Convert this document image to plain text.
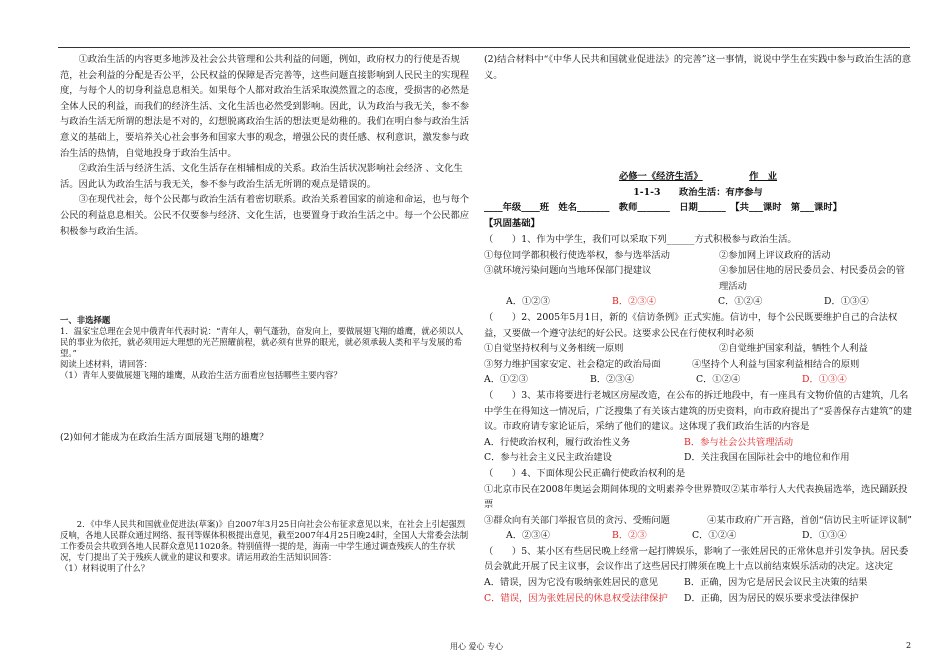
①政治生活的内容更多地涉及社会公共管理和公共利益的问题，例如，政府权力的行使是否规范，社会利益的分配是否公平，公民权益的保障是否完善等，这些问题直接影响到人民民主的实现程度，与每个人的切身利益息息相关。如果每个人都对政治生活采取漠然置之的态度，受损害的必然是全体人民的利益，而我们的经济生活、文化生活也必然受到影响。因此，认为政治与我无关，参不参与政治生活无所谓的想法是不对的，幻想脱离政治生活的想法更是幼稚的。我们在明白参与政治生活意义的基础上，要培养关心社会事务和国家大事的观念，增强公民的责任感、权利意识，激发参与政治生活的热情，自觉地投身于政治生活中。

②政治生活与经济生活、文化生活存在相辅相成的关系。政治生活状况影响社会经济 、文化生活。因此认为政治生活与我无关，参不参与政治生活无所谓的观点是错误的。

③在现代社会，每个公民都与政治生活有着密切联系。政治关系着国家的前途和命运，也与每个公民的利益息息相关。公民不仅要参与经济、文化生活，也要置身于政治生活之中。每一个公民都应积极参与政治生活。

一、非选择题

1．温家宝总理在会见中俄青年代表时说：“青年人，朝气蓬勃，奋发向上，要做展翅飞翔的雄鹰，就必须以人民的事业为依托，就必须用远大理想的光芒照耀前程，就必须有世界的眼光，就必须承载人类和平与发展的希望。”

阅读上述材料，请回答：

（1）青年人要做展翅飞翔的雄鹰，从政治生活方面看应包括哪些主要内容？

(2)如何才能成为在政治生活方面展翅飞翔的雄鹰？

2．《中华人民共和国就业促进法(草案)》自2007年3月25日向社会公布征求意见以来，在社会上引起强烈反响，各地人民群众通过网络、报刊等媒体积极提出意见，截至2007年4月25日晚24时，全国人大常委会法制工作委员会共收到各地人民群众意见11020条。特别值得一提的是，海南一中学生通过调查残疾人的生存状况，专门提出了关于残疾人就业的建议和要求。请运用政治生活知识回答：

（1）材料说明了什么？

(2)结合材料中“《中华人民共和国就业促进法》的完善”这一事情，说说中学生在实践中参与政治生活的意义。

必修一《经济生活》	作　业

1-1-3　　政治生活：有序参与

____年级____班　姓名_______　教师_______　日期______　【共___课时　第___课时】

【巩固基础】

（　　）1、作为中学生，我们可以采取下列______方式积极参与政治生活。

①每位同学都积极行使选举权，参与选举活动	②参加网上评议政府的活动
③就环境污染问题向当地环保部门提建议	④参加居住地的居民委员会、村民委员会的管理活动
A．①②③	B．②③④	C．①②④	D．①③④

（　　）2、2005年5月1日，新的《信访条例》正式实施。信访中，每个公民既要维护自己的合法权益，又要做一个遵守法纪的好公民。这要求公民在行使权利时必须

①自觉坚持权利与义务相统一原则	②自觉维护国家利益，牺牲个人利益
③努力维护国家安定、社会稳定的政治局面	④坚持个人利益与国家利益相结合的原则
A．①②③	B．②③④	C．①②④	D．①③④

（　　）3、某市将要进行老城区房屋改造，在公布的拆迁地段中，有一座具有文物价值的古建筑，几名中学生在得知这一情况后，广泛搜集了有关该古建筑的历史资料，向市政府提出了“妥善保存古建筑”的建议。市政府请专家论证后，采纳了他们的建议。这体现了我们政治生活的内容是

A．行使政治权利，履行政治性义务	B．参与社会公共管理活动
C．参与社会主义民主政治建设	D．关注我国在国际社会中的地位和作用

（　　）4、下面体现公民正确行使政治权利的是

①北京市民在2008年奥运会期间体现的文明素养令世界赞叹②某市举行人大代表换届选举，选民踊跃投票

③群众向有关部门举报官员的贪污、受贿问题　　　　④某市政府广开言路，首创“信访民主听证评议制”

A．②③④	B．②③	C．①②④	D．①③④

（　　）5、某小区有些居民晚上经常一起打牌娱乐，影响了一张姓居民的正常休息并引发争执。居民委员会就此开展了民主议事，会议作出了这些居民打牌须在晚上十点以前结束娱乐活动的决定。这决定

A．错误，因为它没有吸纳张姓居民的意见	B．正确，因为它是居民会议民主决策的结果
C．错误，因为张姓居民的休息权受法律保护	D．正确，因为居民的娱乐要求受法律保护
用心 爱心 专心	2
